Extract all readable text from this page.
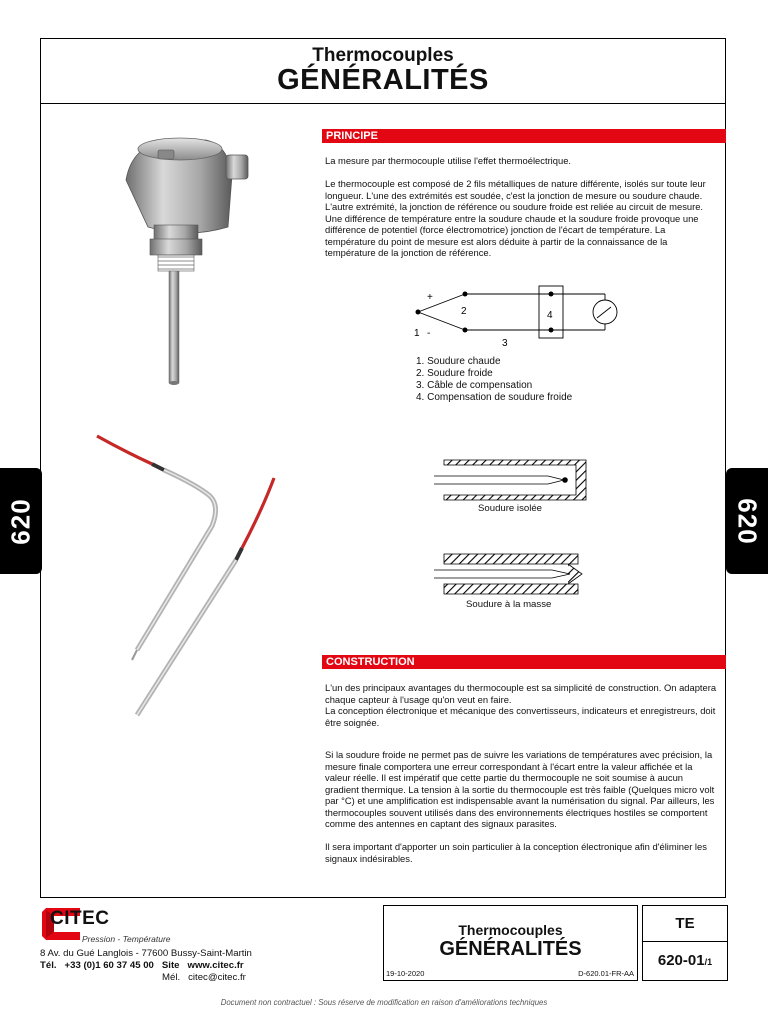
Thermocouples
GÉNÉRALITÉS
620	620
PRINCIPE

La mesure par thermocouple utilise l'effet thermoélectrique.

Le thermocouple est composé de 2 fils métalliques de nature différente, isolés sur toute leur longueur. L'une des extrémités est soudée, c'est la jonction de mesure ou soudure chaude. L'autre extrémité, la jonction de référence ou soudure froide est reliée au circuit de mesure. Une différence de température entre la soudure chaude et la soudure froide provoque une différence de potentiel (force électromotrice) jonction de l'écart de température. La température du point de mesure est alors déduite à partir de la connaissance de la température de la jonction de référence.

+
1 -
2
3
4
1. Soudure chaude
2. Soudure froide
3. Câble de compensation
4. Compensation de soudure froide
Soudure isolée
Soudure à la masse
CONSTRUCTION

L'un des principaux avantages du thermocouple est sa simplicité de construction. On adaptera chaque capteur à l'usage qu'on veut en faire.

La conception électronique et mécanique des convertisseurs, indicateurs et enregistreurs, doit être soignée.

Si la soudure froide ne permet pas de suivre les variations de températures avec précision, la mesure finale comportera une erreur correspondant à l'écart entre la valeur affichée et la valeur réelle. Il est impératif que cette partie du thermocouple ne soit soumise à aucun gradient thermique. La tension à la sortie du thermocouple est très faible (Quelques micro volt par °C) et une amplification est indispensable avant la numérisation du signal. Par ailleurs, les thermocouples souvent utilisés dans des environnements électriques hostiles se comportent comme des antennes en captant des signaux parasites.

Il sera important d'apporter un soin particulier à la conception électronique afin d'éliminer les signaux indésirables.

CITEC
Pression - Température
8 Av. du Gué Langlois - 77600 Bussy-Saint-Martin
Tél. +33 (0)1 60 37 45 00 Site www.citec.fr
Mél. citec@citec.fr
Thermocouples
GÉNÉRALITÉS
19-10-2020	D-620.01-FR-AA
TE
620-01/1
Document non contractuel : Sous réserve de modification en raison d'améliorations techniques
